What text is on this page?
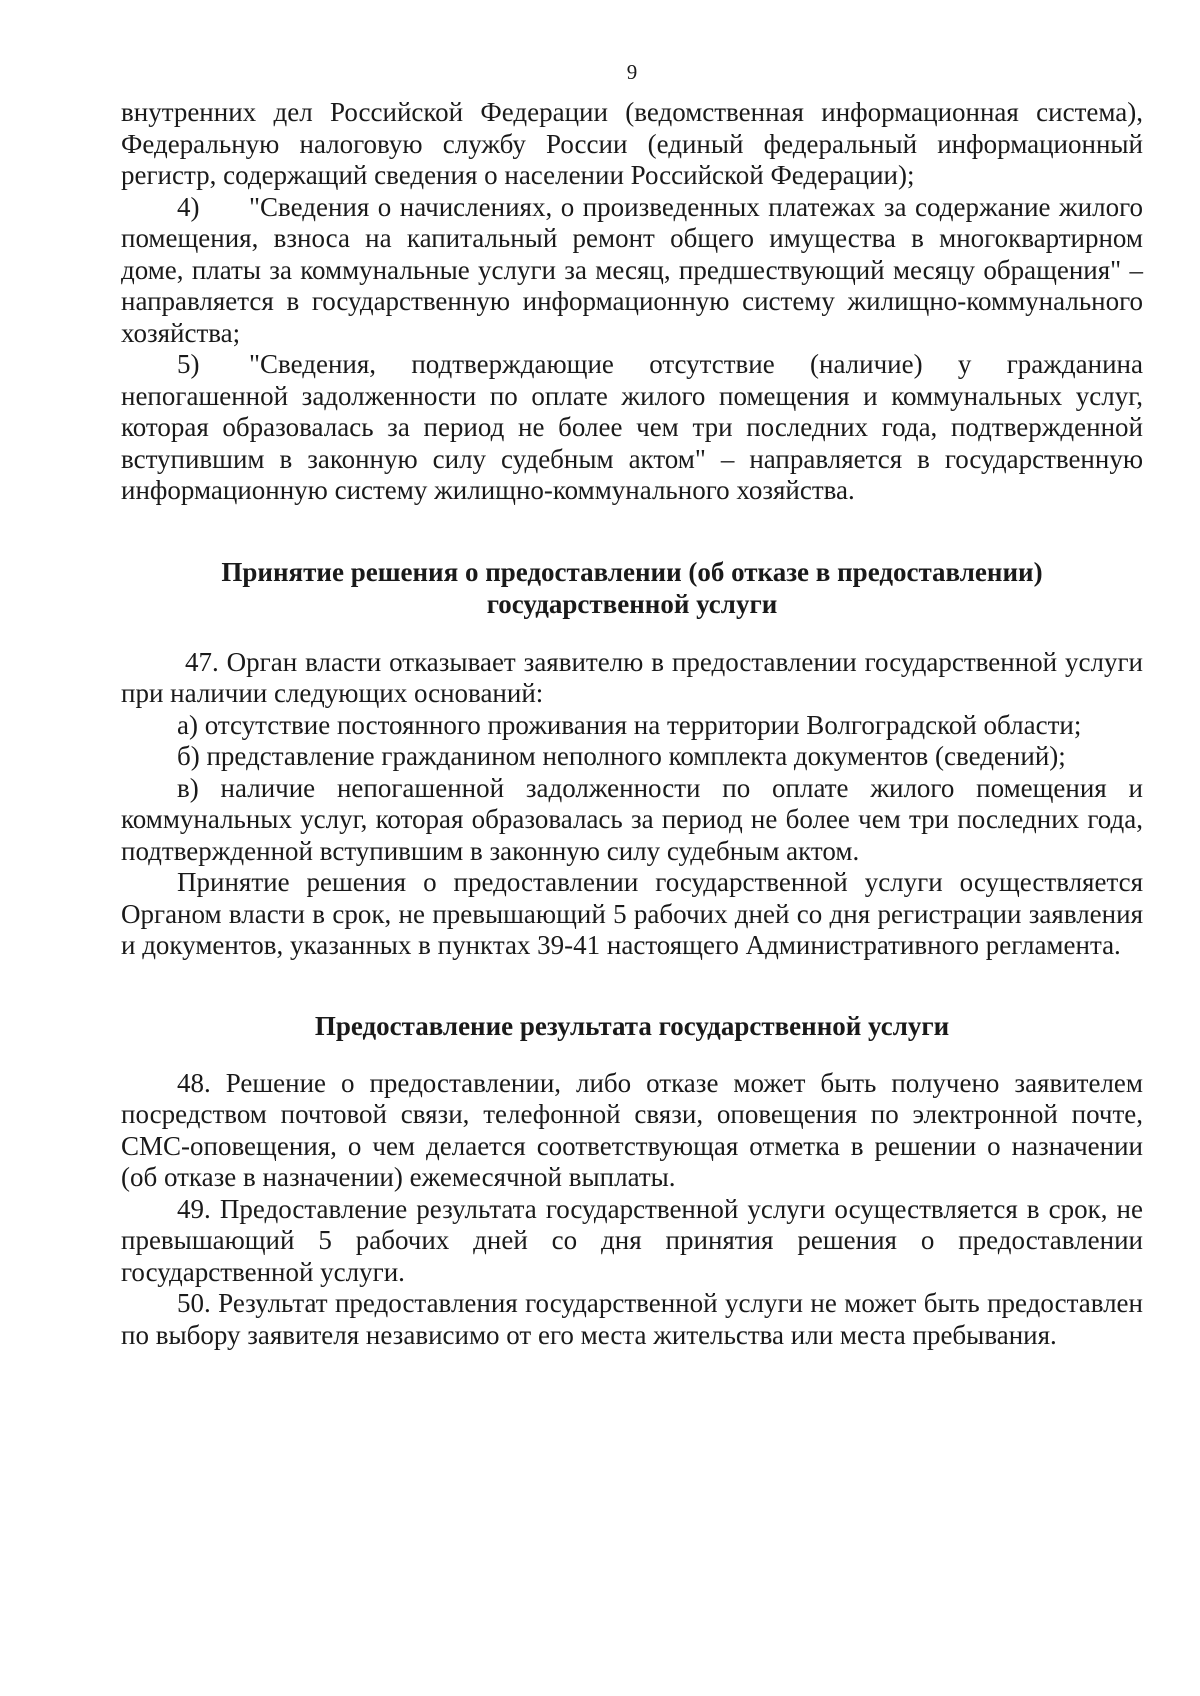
9

внутренних дел Российской Федерации (ведомственная информационная система), Федеральную налоговую службу России (единый федеральный информационный регистр, содержащий сведения о населении Российской Федерации);

4) "Сведения о начислениях, о произведенных платежах за содержание жилого помещения, взноса на капитальный ремонт общего имущества в многоквартирном доме, платы за коммунальные услуги за месяц, предшествующий месяцу обращения" – направляется в государственную информационную систему жилищно-коммунального хозяйства;

5) "Сведения, подтверждающие отсутствие (наличие) у гражданина непогашенной задолженности по оплате жилого помещения и коммунальных услуг, которая образовалась за период не более чем три последних года, подтвержденной вступившим в законную силу судебным актом" – направляется в государственную информационную систему жилищно-коммунального хозяйства.

Принятие решения о предоставлении (об отказе в предоставлении)
государственной услуги

47. Орган власти отказывает заявителю в предоставлении государственной услуги при наличии следующих оснований:

а) отсутствие постоянного проживания на территории Волгоградской области;

б) представление гражданином неполного комплекта документов (сведений);

в) наличие непогашенной задолженности по оплате жилого помещения и коммунальных услуг, которая образовалась за период не более чем три последних года, подтвержденной вступившим в законную силу судебным актом.

Принятие решения о предоставлении государственной услуги осуществляется Органом власти в срок, не превышающий 5 рабочих дней со дня регистрации заявления и документов, указанных в пунктах 39-41 настоящего Административного регламента.

Предоставление результата государственной услуги

48. Решение о предоставлении, либо отказе может быть получено заявителем посредством почтовой связи, телефонной связи, оповещения по электронной почте, СМС-оповещения, о чем делается соответствующая отметка в решении о назначении (об отказе в назначении) ежемесячной выплаты.

49. Предоставление результата государственной услуги осуществляется в срок, не превышающий 5 рабочих дней со дня принятия решения о предоставлении государственной услуги.

50. Результат предоставления государственной услуги не может быть предоставлен по выбору заявителя независимо от его места жительства или места пребывания.
